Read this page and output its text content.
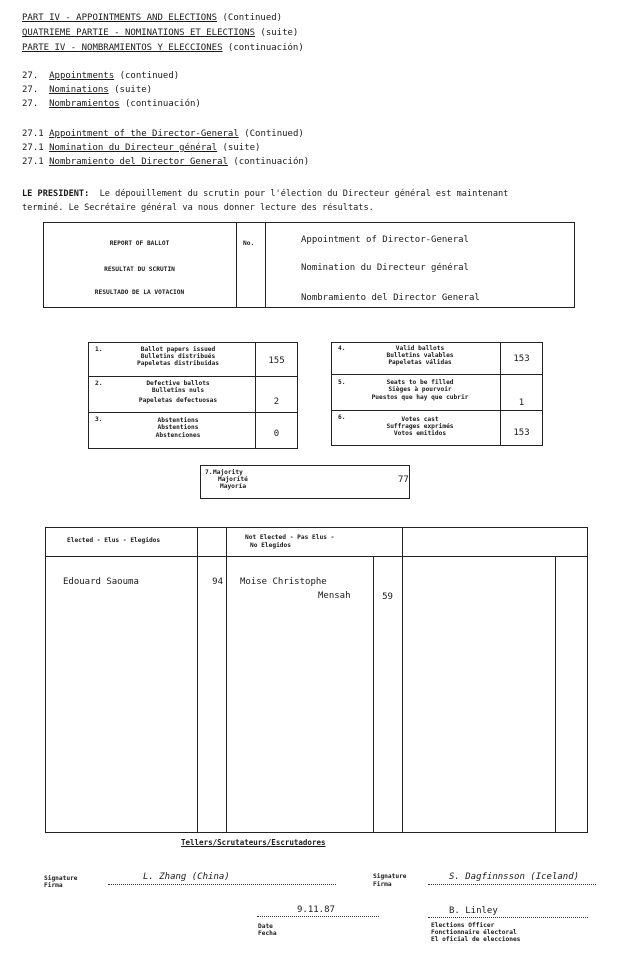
PART IV - APPOINTMENTS AND ELECTIONS (Continued)
QUATRIEME PARTIE - NOMINATIONS ET ELECTIONS (suite)
PARTE IV - NOMBRAMIENTOS Y ELECCIONES (continuación)
27. Appointments (continued)
27. Nominations (suite)
27. Nombramientos (continuación)
27.1 Appointment of the Director-General (Continued)
27.1 Nomination du Directeur général (suite)
27.1 Nombramiento del Director General (continuación)
LE PRESIDENT: Le dépouillement du scrutin pour l'élection du Directeur général est maintenant
terminé. Le Secrétaire général va nous donner lecture des résultats.
REPORT OF BALLOT
RESULTAT DU SCRUTIN
RESULTADO DE LA VOTACION
No.	Appointment of Director-General
Nomination du Directeur général
Nombramiento del Director General
1.	Ballot papers issued
Bulletins distribués
Papeletas distribuidas	155
2.	Defective ballots
Bulletins nuls
Papeletas defectuosas	2
3.	Abstentions
Abstentions
Abstenciones	0
4.	Valid ballots
Bulletins valables
Papeletas válidas	153
5.	Seats to be filled
Sièges à pourvoir
Puestos que hay que cubrir
1
6.	Votes cast
Suffrages exprimés
Votos emitidos	153
7. Majority
Majorité
Mayoría
77
Elected - Elus - Elegidos	Not Elected - Pas Elus -
No Elegidos
Edouard Saouma	94 Moise Christophe
Mensah	59
Tellers/Scrutateurs/Escrutadores
Signature
Firma
L. Zhang (China)	Signature
Firma
S. Dagfinnsson (Iceland)
9.11.87
Date
Fecha
B. Linley
Elections Officer
Fonctionnaire électoral
El oficial de elecciones
